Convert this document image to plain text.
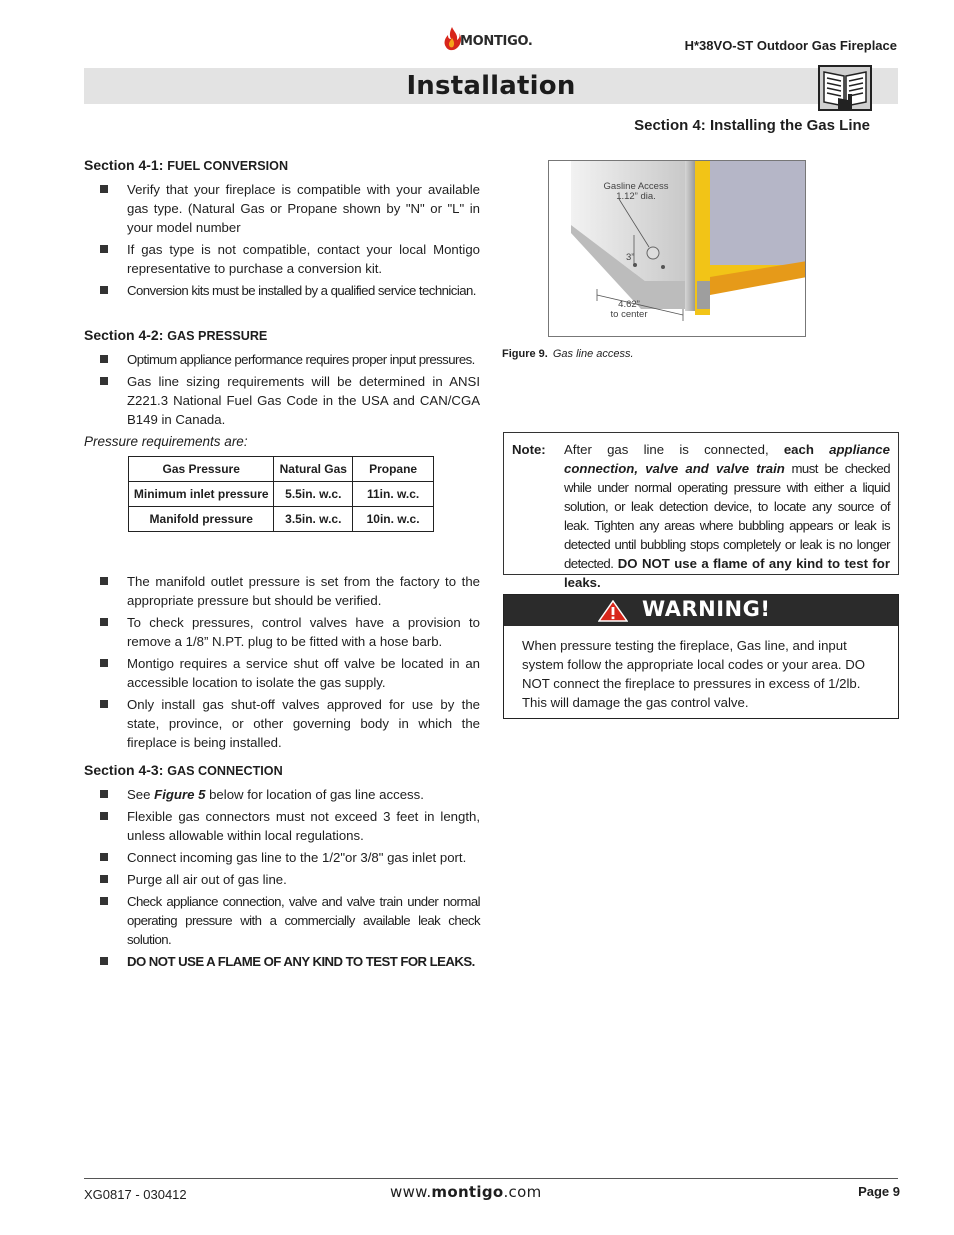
MONTIGO.	H*38VO-ST Outdoor Gas Fireplace
Installation
Section 4: Installing the Gas Line
Section 4-1: FUEL CONVERSION
Verify that your fireplace is compatible with your available gas type. (Natural Gas or Propane shown by "N" or "L" in your model number
If gas type is not compatible, contact your local Montigo representative to purchase a conversion kit.
Conversion kits must be installed by a qualified service technician.
Section 4-2: GAS PRESSURE
Optimum appliance performance requires proper input pressures.
Gas line sizing requirements will be determined in ANSI Z221.3 National Fuel Gas Code in the USA and CAN/CGA B149 in Canada.
Pressure requirements are:
Gas Pressure	Natural Gas	Propane
Minimum inlet pressure	5.5in. w.c.	11in. w.c.
Manifold pressure	3.5in. w.c.	10in. w.c.
The manifold outlet pressure is set from the factory to the appropriate pressure but should be verified.
To check pressures, control valves have a provision to remove a 1/8” N.PT. plug to be fitted with a hose barb.
Montigo requires a service shut off valve be located in an accessible location to isolate the gas supply.
Only install gas shut-off valves approved for use by the state, province, or other governing body in which the fireplace is being installed.
Section 4-3: GAS CONNECTION
See Figure 5 below for location of gas line access.
Flexible gas connectors must not exceed 3 feet in length, unless allowable within local regulations.
Connect incoming gas line to the 1/2"or 3/8" gas inlet port.
Purge all air out of gas line.
Check appliance connection, valve and valve train under normal operating pressure with a commercially available leak check solution.
DO NOT USE A FLAME OF ANY KIND TO TEST FOR LEAKS.
Gasline Access
1.12” dia.
3”
4.62”
to center
Figure 9. Gas line access.
Note: After gas line is connected, each appliance connection, valve and valve train must be checked while under normal operating pressure with either a liquid solution, or leak detection device, to locate any source of leak. Tighten any areas where bubbling appears or leak is detected until bubbling stops completely or leak is no longer detected. DO NOT use a flame of any kind to test for leaks.
WARNING!
When pressure testing the fireplace, Gas line, and input system follow the appropriate local codes or your area. DO NOT connect the fireplace to pressures in excess of 1/2lb. This will damage the gas control valve.
XG0817 - 030412	www.montigo.com	Page 9
